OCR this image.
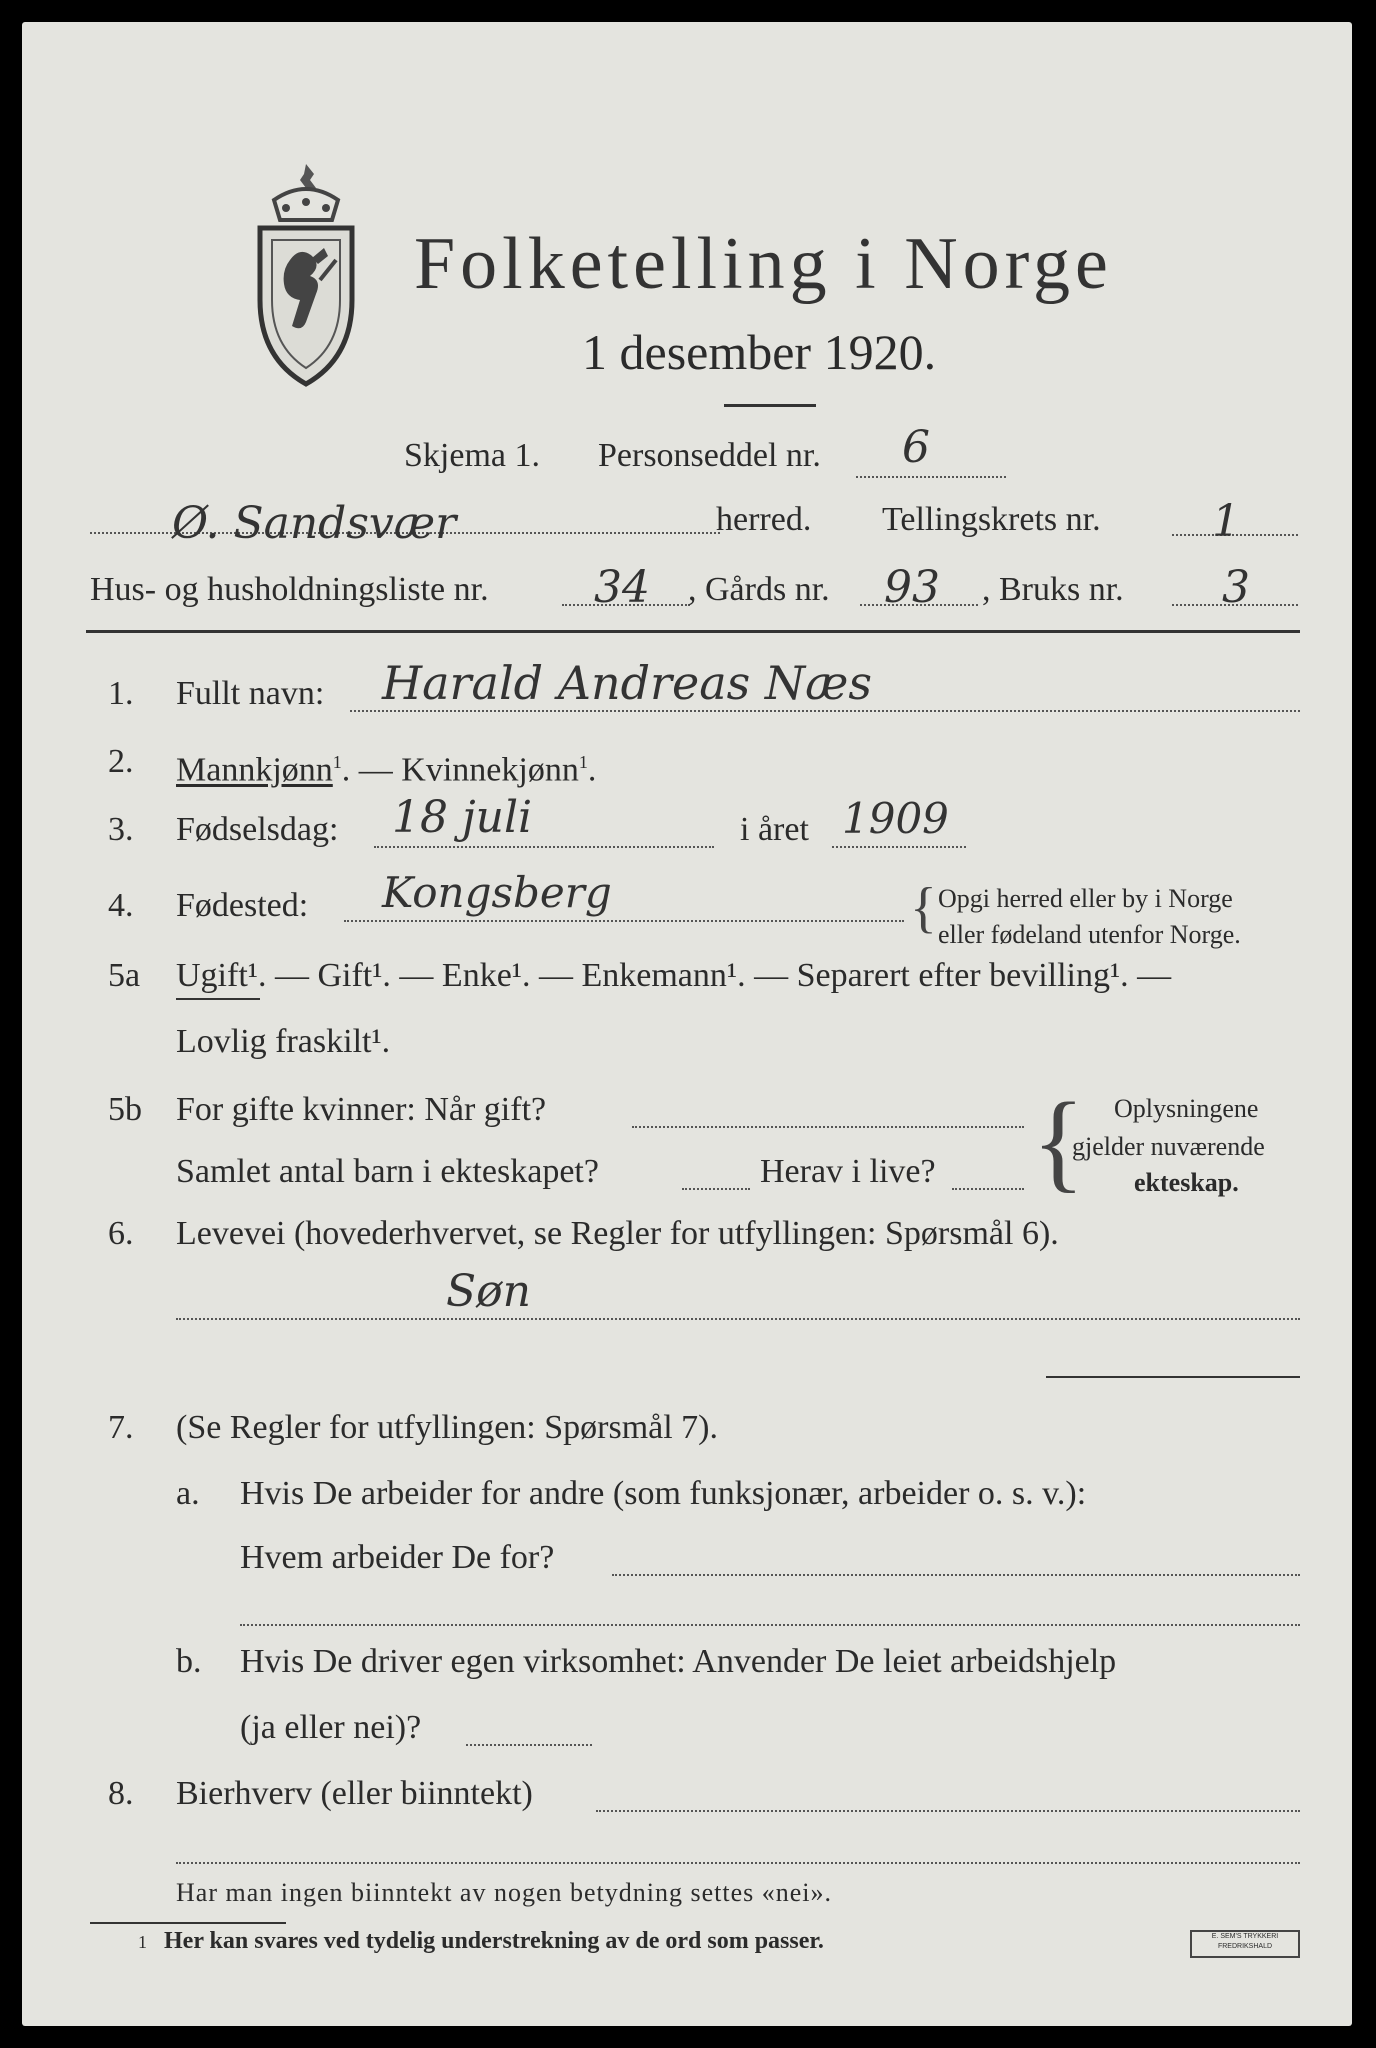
Folketelling i Norge
1 desember 1920.
Skjema 1. Personseddel nr. 6
Ø. Sandsvær	herred. Tellingskrets nr.	1
Hus- og husholdningsliste nr. 34 , Gårds nr. 93 , Bruks nr. 3
1. Fullt navn: Harald Andreas Næs
2. Mannkjønn$^1$. — Kvinnekjønn$^1$.
3. Fødselsdag: 18 juli	i året 1909
4. Fødested: Kongsberg	{ Opgi herred eller by i Norge
eller fødeland utenfor Norge.
5a Ugift¹. — Gift¹. — Enke¹. — Enkemann¹. — Separert efter bevilling¹. —
Lovlig fraskilt¹.
5b For gifte kvinner: Når gift?
Samlet antal barn i ekteskapet?	Herav i live? { Oplysningene
gjelder nuværende
ekteskap.
6. Levevei (hovederhvervet, se Regler for utfyllingen: Spørsmål 6).
Søn
7. (Se Regler for utfyllingen: Spørsmål 7).
a. Hvis De arbeider for andre (som funksjonær, arbeider o. s. v.):
Hvem arbeider De for?
b. Hvis De driver egen virksomhet: Anvender De leiet arbeidshjelp
(ja eller nei)?
8. Bierhverv (eller biinntekt)
Har man ingen biinntekt av nogen betydning settes «nei».
1 Her kan svares ved tydelig understrekning av de ord som passer.	E. SEM'S TRYKKERI
FREDRIKSHALD
